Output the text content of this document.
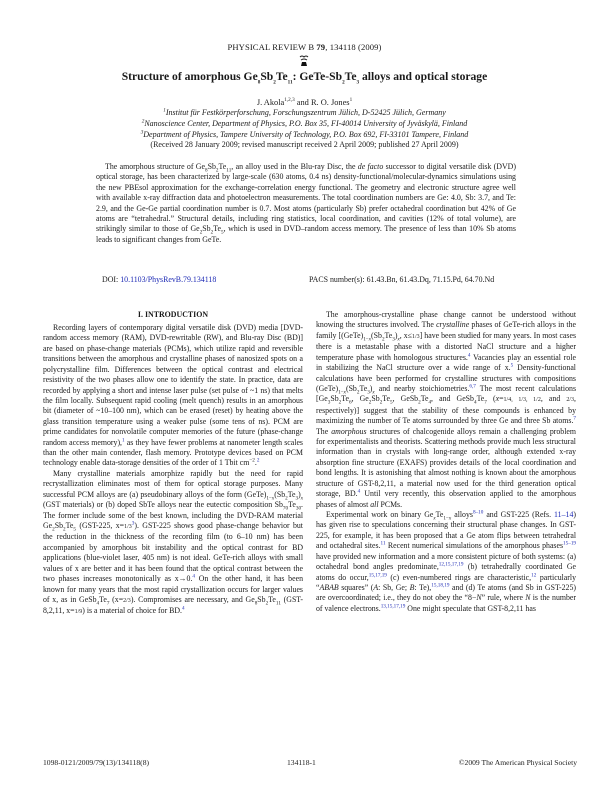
PHYSICAL REVIEW B 79, 134118 (2009)
Structure of amorphous $Ge_8Sb_2Te_{11}$: GeTe-$Sb_2Te_3$ alloys and optical storage
J. Akola$^{1,2,3}$ and R. O. Jones$^1$
$^1$Institut für Festkörperforschung, Forschungszentrum Jülich, D-52425 Jülich, Germany
$^2$Nanoscience Center, Department of Physics, P.O. Box 35, FI-40014 University of Jyväskylä, Finland
$^3$Department of Physics, Tampere University of Technology, P.O. Box 692, FI-33101 Tampere, Finland
(Received 28 January 2009; revised manuscript received 2 April 2009; published 27 April 2009)
The amorphous structure of $Ge_8Sb_2Te_{11}$, an alloy used in the Blu-ray Disc, the de facto successor to digital versatile disk (DVD) optical storage, has been characterized by large-scale (630 atoms, 0.4 ns) density-functional/molecular-dynamics simulations using the new PBEsol approximation for the exchange-correlation energy functional. The geometry and electronic structure agree well with available x-ray diffraction data and photoelectron measurements. The total coordination numbers are Ge: 4.0, Sb: 3.7, and Te: 2.9, and the Ge-Ge partial coordination number is 0.7. Most atoms (particularly Sb) prefer octahedral coordination but 42% of Ge atoms are “tetrahedral.” Structural details, including ring statistics, local coordination, and cavities (12% of total volume), are strikingly similar to those of $Ge_2Sb_2Te_5$, which is used in DVD–random access memory. The presence of less than 10% Sb atoms leads to significant changes from GeTe.
DOI: 10.1103/PhysRevB.79.134118	PACS number(s): 61.43.Bn, 61.43.Dq, 71.15.Pd, 64.70.Nd
I. INTRODUCTION

Recording layers of contemporary digital versatile disk (DVD) media [DVD-random access memory (RAM), DVD-rewritable (RW), and Blu-ray Disc (BD)] are based on phase-change materials (PCMs), which utilize rapid and reversible transitions between the amorphous and crystalline phases of nanosized spots on a polycrystalline film. Differences between the optical contrast and electrical resistivity of the two phases allow one to identify the state. In practice, data are recorded by applying a short and intense laser pulse (set pulse of ~1 ns) that melts the film locally. Subsequent rapid cooling (melt quench) results in an amorphous bit (diameter of ~10–100 nm), which can be erased (reset) by heating above the glass transition temperature using a weaker pulse (some tens of ns). PCM are prime candidates for nonvolatile computer memories of the future (phase-change random access memory),$^1$ as they have fewer problems at nanometer length scales than the other main contender, flash memory. Prototype devices based on PCM technology enable data-storage densities of the order of 1 Tbit $cm^{-2}.^2$

Many crystalline materials amorphize rapidly but the need for rapid recrystallization eliminates most of them for optical storage purposes. Many successful PCM alloys are (a) pseudobinary alloys of the form $(GeTe)_{1-x}(Sb_2Te_3)_x$ (GST materials) or (b) doped SbTe alloys near the eutectic composition $Sb_{70}Te_{30}$. The former include some of the best known, including the DVD-RAM material $Ge_2Sb_2Te_5$ (GST-225, x=1/3$^3$). GST-225 shows good phase-change behavior but the reduction in the thickness of the recording film (to 6–10 nm) has been accompanied by amorphous bit instability and the optical contrast for BD applications (blue-violet laser, 405 nm) is not ideal. GeTe-rich alloys with small values of x are better and it has been found that the optical contrast between the two phases increases monotonically as x→0.$^4$ On the other hand, it has been known for many years that the most rapid crystallization occurs for larger values of x, as in $GeSb_4Te_7$ (x=2/3). Compromises are necessary, and $Ge_8Sb_2Te_{11}$ (GST-8,2,11, x=1/9) is a material of choice for BD.$^4$

The amorphous-crystalline phase change cannot be understood without knowing the structures involved. The crystalline phases of GeTe-rich alloys in the family [$(GeTe)_{1-x}(Sb_2Te_3)_x$, x≤1/3] have been studied for many years. In most cases there is a metastable phase with a distorted NaCl structure and a higher temperature phase with homologous structures.$^4$ Vacancies play an essential role in stabilizing the NaCl structure over a wide range of x.$^5$ Density-functional calculations have been performed for crystalline structures with compositions $(GeTe)_{1-x}(Sb_2Te_3)_x$ and nearby stoichiometries.$^{6,7}$ The most recent calculations [$Ge_3Sb_2Te_6$, $Ge_2Sb_2Te_5$, $GeSb_2Te_4$, and $GeSb_4Te_7$ (x=1/4, 1/3, 1/2, and 2/3, respectively)] suggest that the stability of these compounds is enhanced by maximizing the number of Te atoms surrounded by three Ge and three Sb atoms.$^7$ The amorphous structures of chalcogenide alloys remain a challenging problem for experimentalists and theorists. Scattering methods provide much less structural information than in crystals with long-range order, although extended x-ray absorption fine structure (EXAFS) provides details of the local coordination and bond lengths. It is astonishing that almost nothing is known about the amorphous structure of GST-8,2,11, a material now used for the third generation optical storage, BD.$^4$ Until very recently, this observation applied to the amorphous phases of almost all PCMs.

Experimental work on binary $Ge_xTe_{1-x}$ alloys$^{8-10}$ and GST-225 (Refs. 11–14) has given rise to speculations concerning their structural phase changes. In GST-225, for example, it has been proposed that a Ge atom flips between tetrahedral and octahedral sites.$^{11}$ Recent numerical simulations of the amorphous phases$^{15-19}$ have provided new information and a more consistent picture of both systems: (a) octahedral bond angles predominate,$^{12,15,17,19}$ (b) tetrahedrally coordinated Ge atoms do occur,$^{15,17,19}$ (c) even-numbered rings are characteristic,$^{12}$ particularly “ABAB squares” (A: Sb, Ge; B: Te),$^{15,18,19}$ and (d) Te atoms (and Sb in GST-225) are overcoordinated; i.e., they do not obey the “8−N” rule, where N is the number of valence electrons.$^{13,15,17,19}$ One might speculate that GST-8,2,11 has

1098-0121/2009/79(13)/134118(8)	134118-1	©2009 The American Physical Society
